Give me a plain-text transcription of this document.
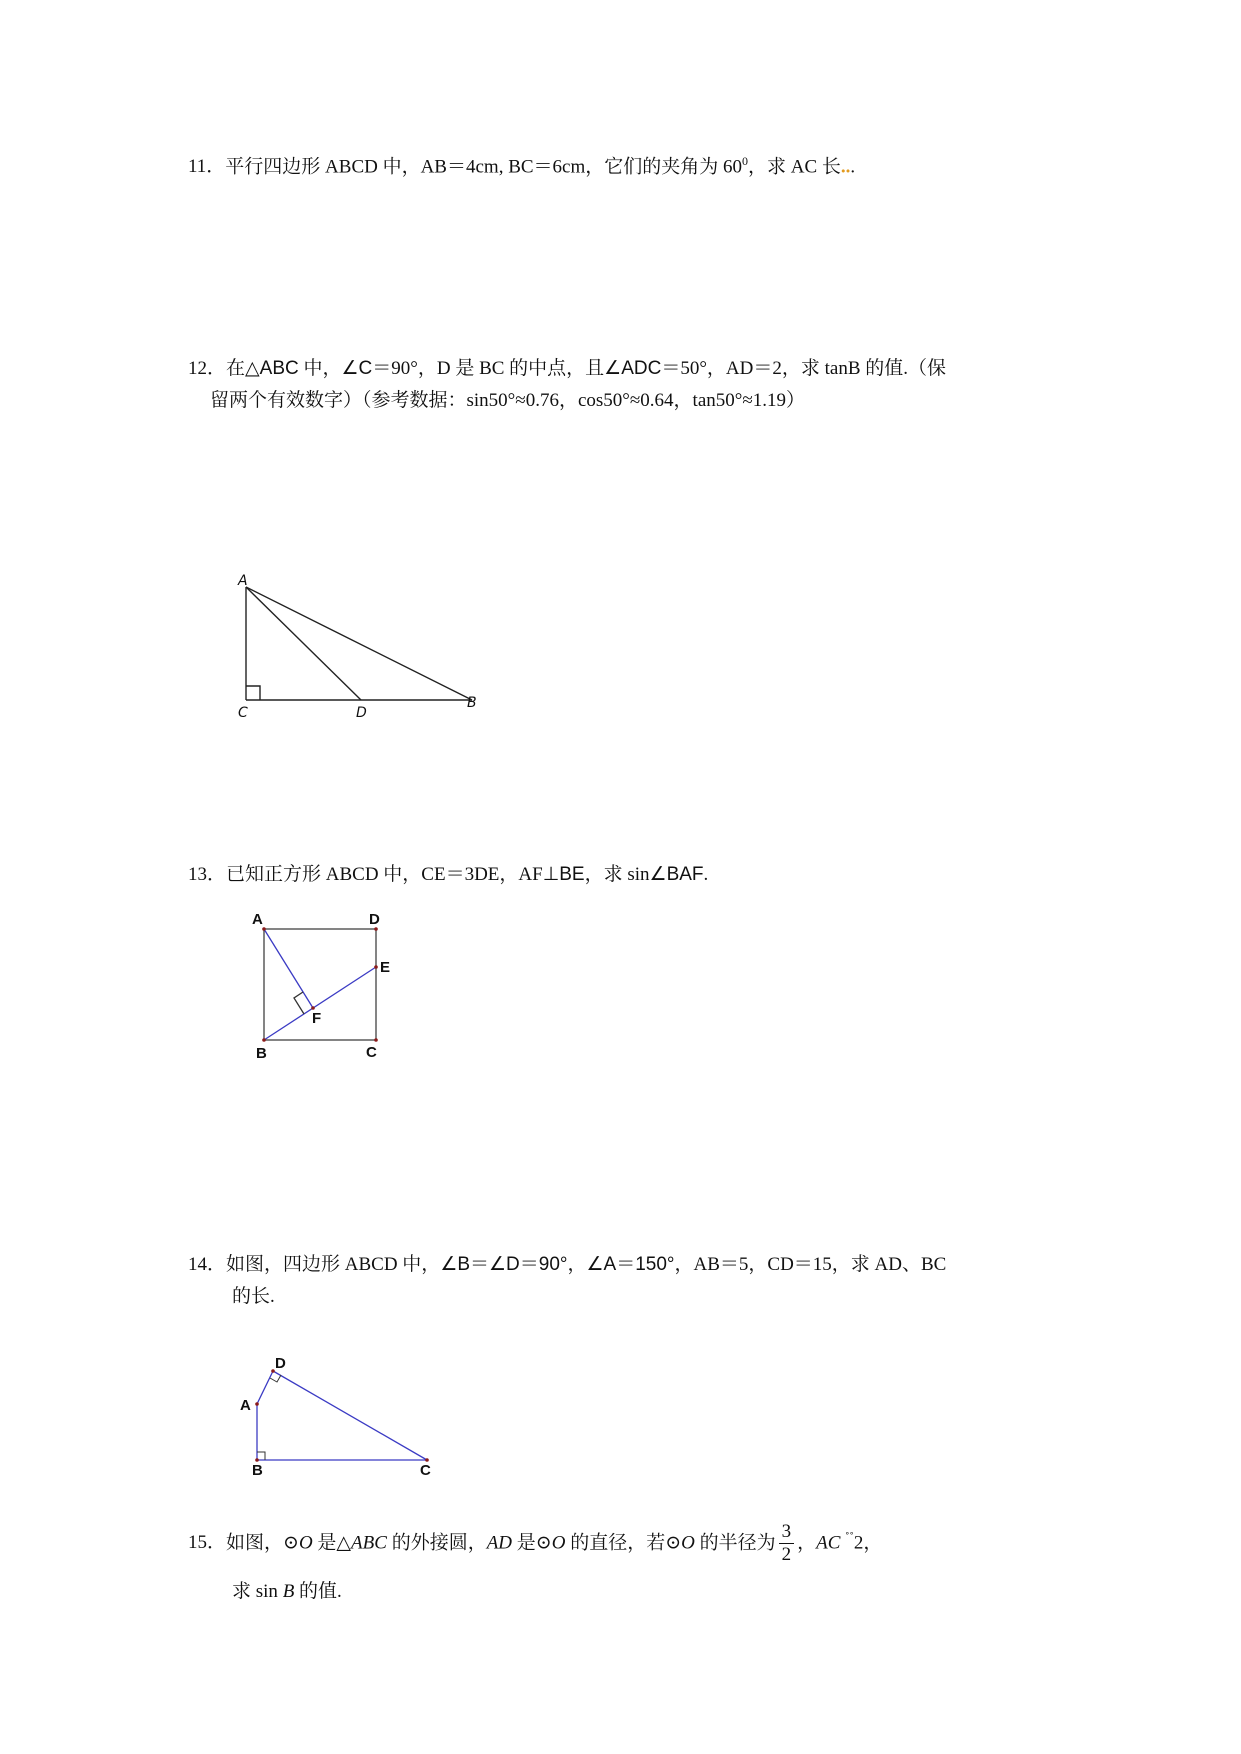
11．平行四边形 ABCD 中，AB＝4cm, BC＝6cm，它们的夹角为 $60^0$，求 AC 长...
12．在△ABC 中，∠C＝90°，D 是 BC 的中点，且∠ADC＝50°，AD＝2，求 tanB 的值.（保
留两个有效数字）（参考数据：sin50°≈0.76，cos50°≈0.64，tan50°≈1.19）
A
C	D
B
13．已知正方形 ABCD 中，CE＝3DE，AF⊥BE，求 sin∠BAF.
A	D
E
F
B	C
14．如图，四边形 ABCD 中，∠B＝∠D＝90°，∠A＝150°，AB＝5，CD＝15，求 AD、BC
的长.
D
A
B	C
15．如图，⊙O 是△ABC 的外接圆，AD 是⊙O 的直径，若⊙O 的半径为 $\frac{3}{2}$ ，AC ˚˚2，
求 sin B 的值.
